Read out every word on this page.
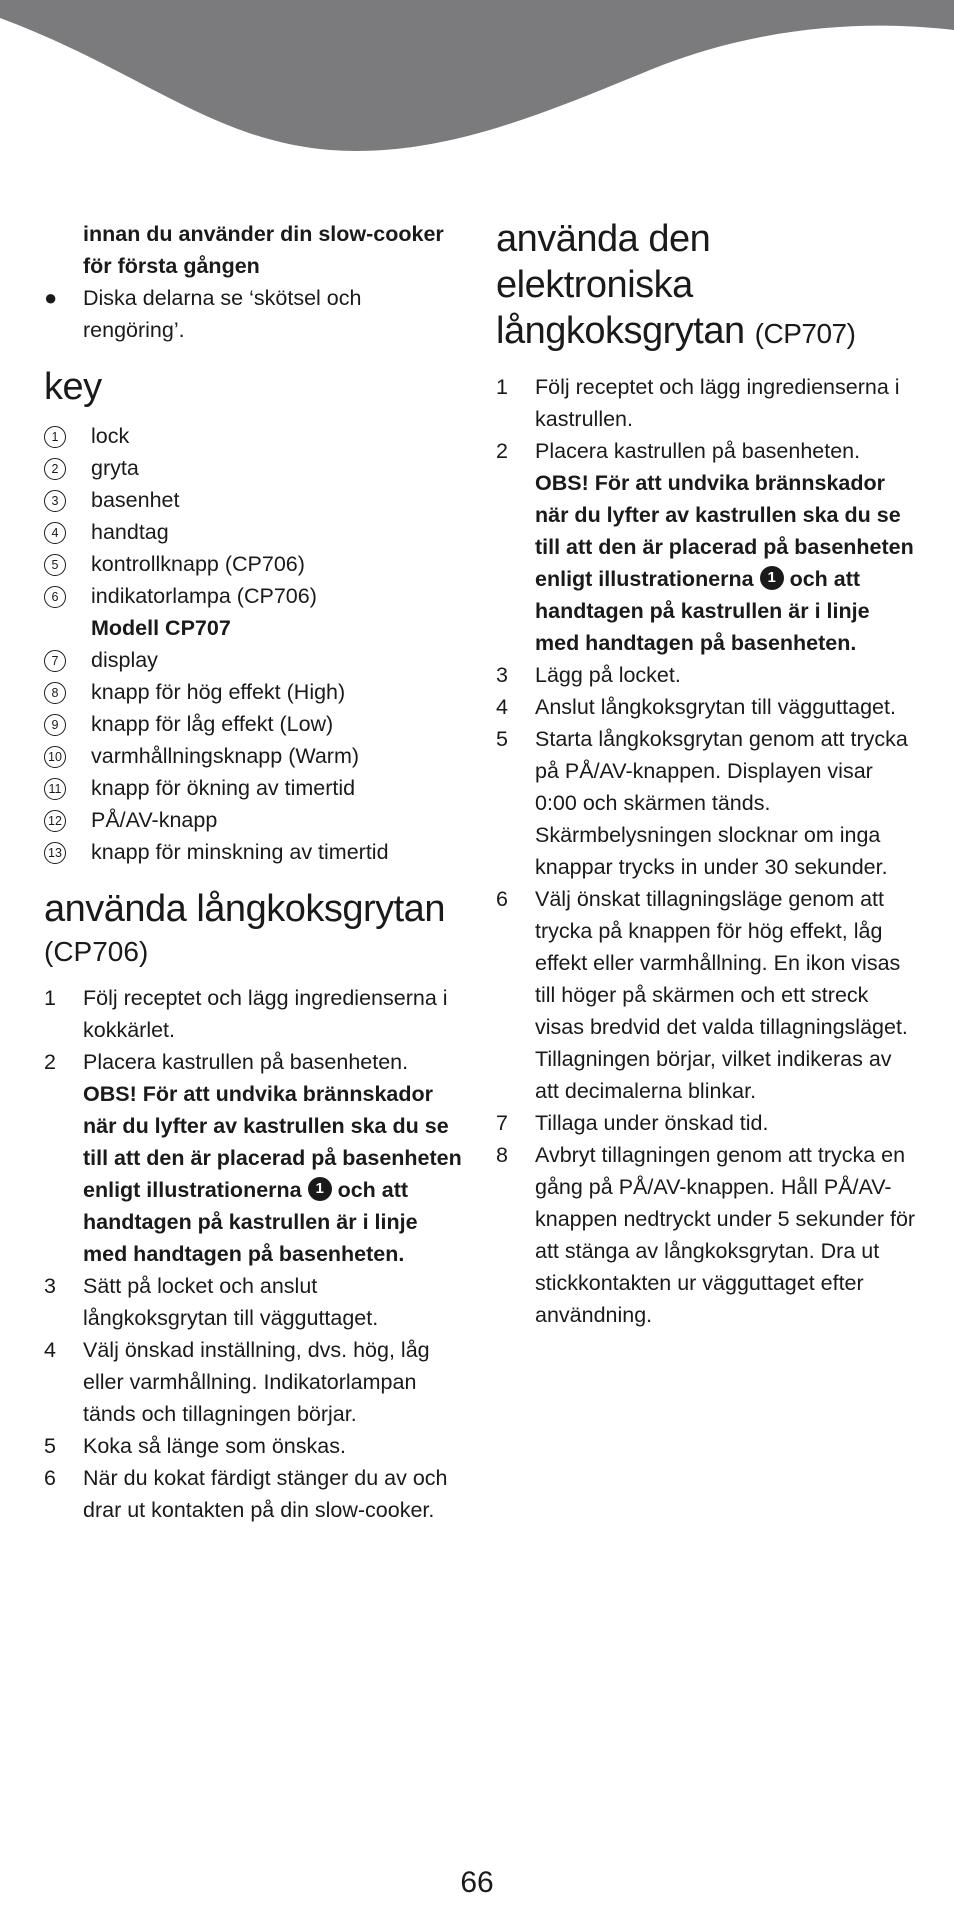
innan du använder din slow-cooker för första gången

●	Diska delarna se ‘skötsel och rengöring’.
key
1	lock
2	gryta
3	basenhet
4	handtag
5	kontrollknapp (CP706)
6	indikatorlampa (CP706)

Modell CP707

7	display
8	knapp för hög effekt (High)
9	knapp för låg effekt (Low)
10	varmhållningsknapp (Warm)
11	knapp för ökning av timertid
12	PÅ/AV-knapp
13	knapp för minskning av timertid
använda långkoksgrytan

(CP706)

1	Följ receptet och lägg ingredienserna i kokkärlet.
2	Placera kastrullen på basenheten.
OBS! För att undvika brännskador när du lyfter av kastrullen ska du se till att den är placerad på basenheten enligt illustrationerna 1 och att handtagen på kastrullen är i linje med handtagen på basenheten.
3	Sätt på locket och anslut långkoksgrytan till vägguttaget.
4	Välj önskad inställning, dvs. hög, låg eller varmhållning. Indikatorlampan tänds och tillagningen börjar.
5	Koka så länge som önskas.
6	När du kokat färdigt stänger du av och drar ut kontakten på din slow-cooker.
använda den elektroniska långkoksgrytan (CP707)
1	Följ receptet och lägg ingredienserna i kastrullen.
2	Placera kastrullen på basenheten.
OBS! För att undvika brännskador när du lyfter av kastrullen ska du se till att den är placerad på basenheten enligt illustrationerna 1 och att handtagen på kastrullen är i linje med handtagen på basenheten.
3	Lägg på locket.
4	Anslut långkoksgrytan till vägguttaget.
5	Starta långkoksgrytan genom att trycka på PÅ/AV-knappen. Displayen visar 0:00 och skärmen tänds. Skärmbelysningen slocknar om inga knappar trycks in under 30 sekunder.
6	Välj önskat tillagningsläge genom att trycka på knappen för hög effekt, låg effekt eller varmhållning. En ikon visas till höger på skärmen och ett streck visas bredvid det valda tillagningsläget. Tillagningen börjar, vilket indikeras av att decimalerna blinkar.
7	Tillaga under önskad tid.
8	Avbryt tillagningen genom att trycka en gång på PÅ/AV-knappen. Håll PÅ/AV-knappen nedtryckt under 5 sekunder för att stänga av långkoksgrytan. Dra ut stickkontakten ur vägguttaget efter användning.
66
